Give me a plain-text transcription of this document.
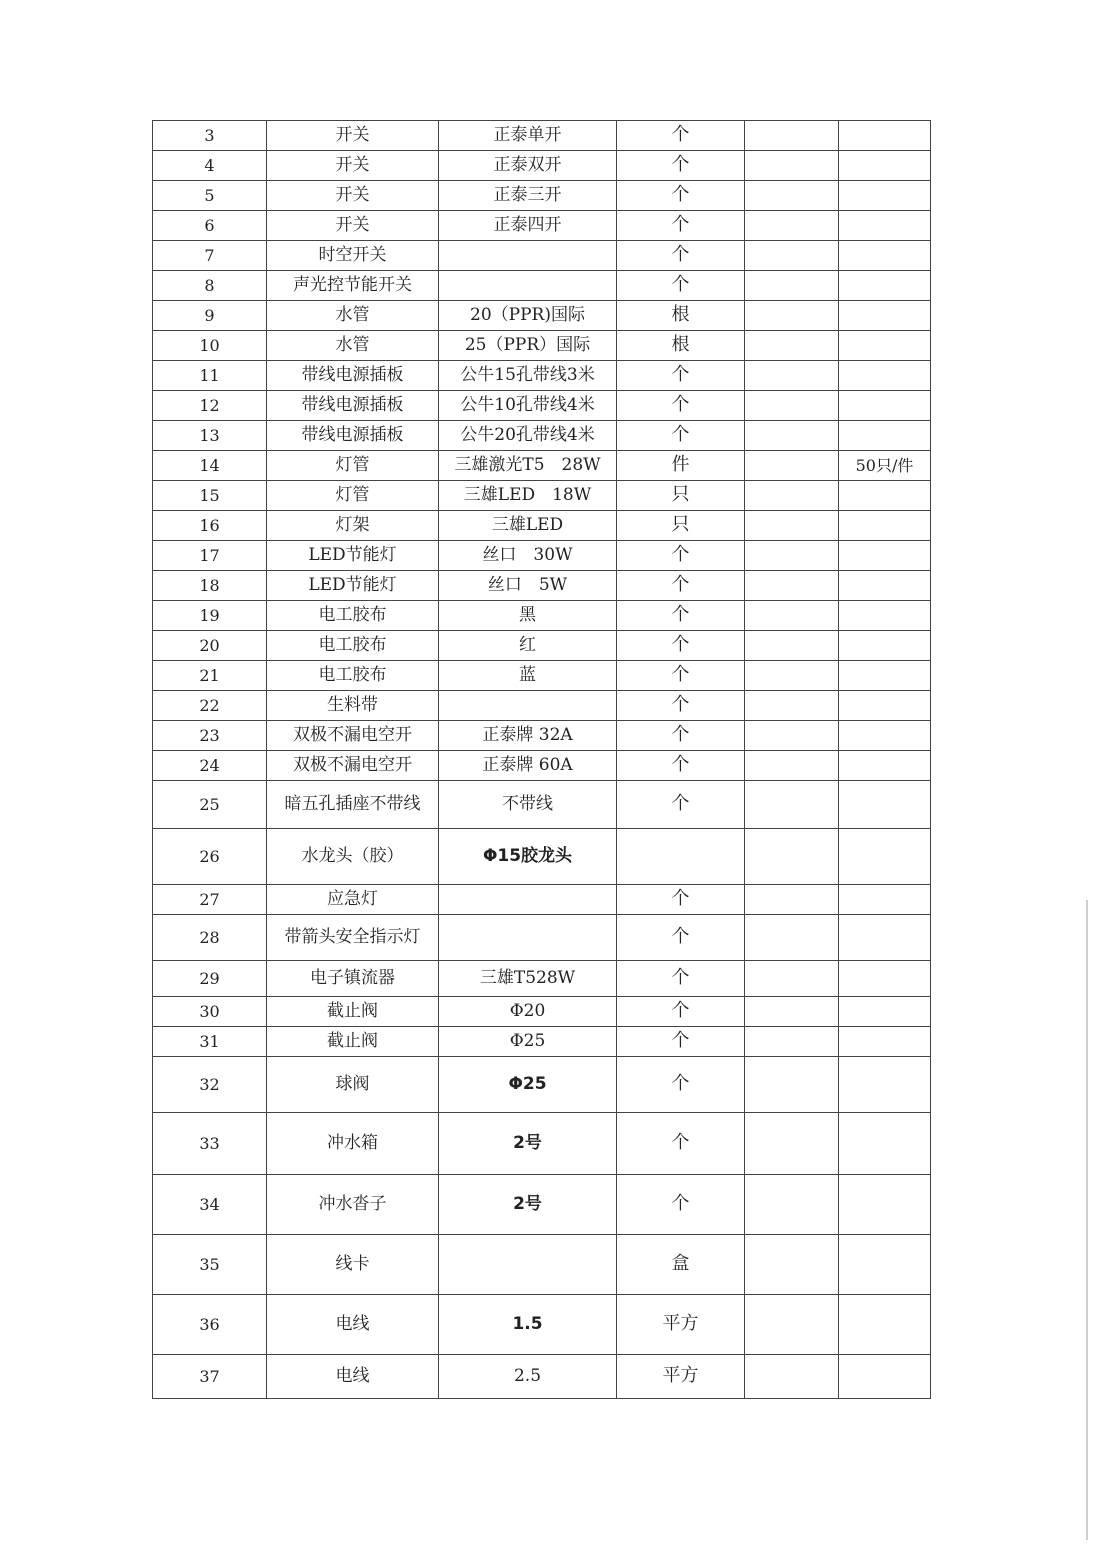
3	开关	正泰单开	个		
4	开关	正泰双开	个		
5	开关	正泰三开	个		
6	开关	正泰四开	个		
7	时空开关		个		
8	声光控节能开关		个		
9	水管	20（PPR)国际	根		
10	水管	25（PPR）国际	根		
11	带线电源插板	公牛15孔带线3米	个		
12	带线电源插板	公牛10孔带线4米	个		
13	带线电源插板	公牛20孔带线4米	个		
14	灯管	三雄激光T5　28W	件		50只/件
15	灯管	三雄LED　18W	只		
16	灯架	三雄LED	只		
17	LED节能灯	丝口　30W	个		
18	LED节能灯	丝口　5W	个		
19	电工胶布	黑	个		
20	电工胶布	红	个		
21	电工胶布	蓝	个		
22	生料带		个		
23	双极不漏电空开	正泰牌 32A	个		
24	双极不漏电空开	正泰牌 60A	个		
25	暗五孔插座不带线	不带线	个		
26	水龙头（胶）	Φ15胶龙头			
27	应急灯		个		
28	带箭头安全指示灯		个		
29	电子镇流器	三雄T528W	个		
30	截止阀	Φ20	个		
31	截止阀	Φ25	个		
32	球阀	Φ25	个		
33	冲水箱	2号	个		
34	冲水沓子	2号	个		
35	线卡		盒		
36	电线	1.5	平方		
37	电线	2.5	平方		
